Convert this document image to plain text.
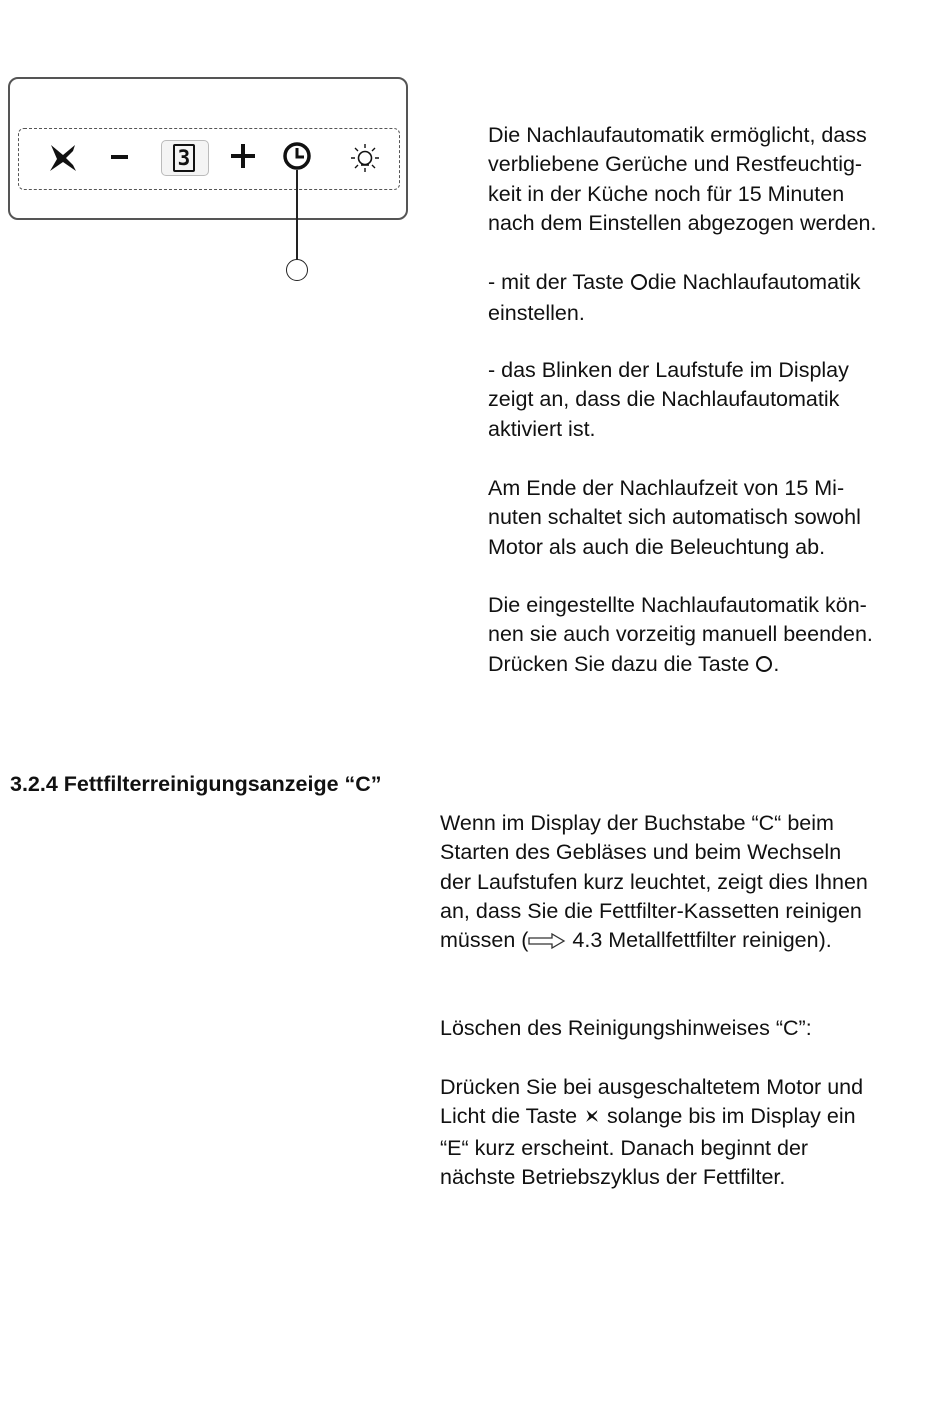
3

Die Nachlaufautomatik ermöglicht, dass
verbliebene Gerüche und Restfeuchtig-
keit in der Küche noch für 15 Minuten
nach dem Einstellen abgezogen werden.

- mit der Taste die Nachlaufautomatik
einstellen.

- das Blinken der Laufstufe im Display
zeigt an, dass die Nachlaufautomatik
aktiviert ist.

Am Ende der Nachlaufzeit von 15 Mi-
nuten schaltet sich automatisch sowohl
Motor als auch die Beleuchtung ab.

Die eingestellte Nachlaufautomatik kön-
nen sie auch vorzeitig manuell beenden.
Drücken Sie dazu die Taste .

3.2.4 Fettfilterreinigungsanzeige “C”

Wenn im Display der Buchstabe “C“ beim
Starten des Gebläses und beim Wechseln
der Laufstufen kurz leuchtet, zeigt dies Ihnen
an, dass Sie die Fettfilter-Kassetten reinigen
müssen ( 4.3 Metallfettfilter reinigen).

Löschen des Reinigungshinweises “C”:

Drücken Sie bei ausgeschaltetem Motor und
Licht die Taste solange bis im Display ein
“E“ kurz erscheint. Danach beginnt der
nächste Betriebszyklus der Fettfilter.
